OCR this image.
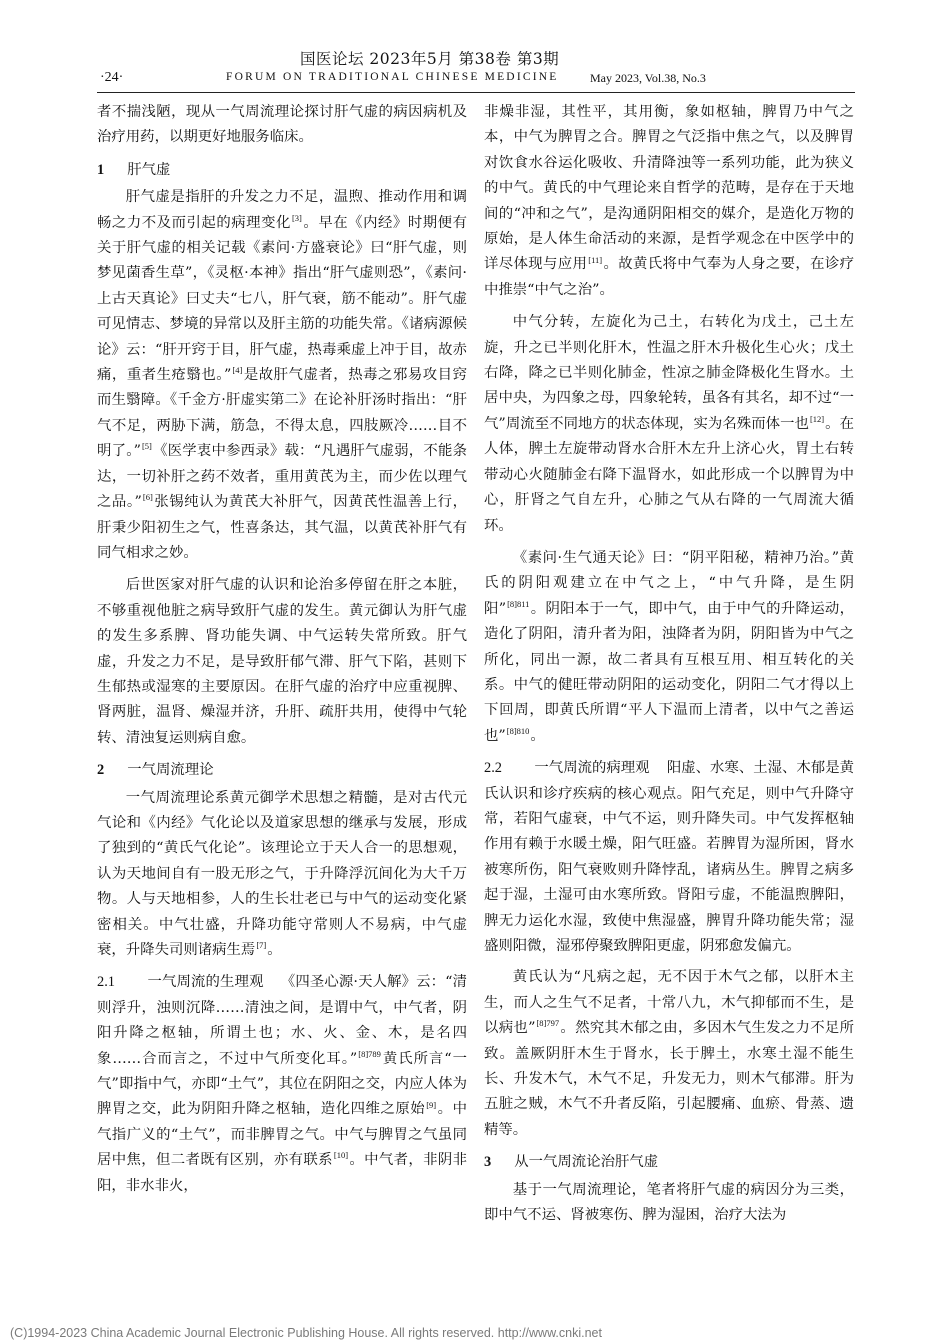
国医论坛 2023年5月 第38卷 第3期
·24·	FORUM ON TRADITIONAL CHINESE MEDICINE	May 2023, Vol.38, No.3

者不揣浅陋，现从一气周流理论探讨肝气虚的病因病机及治疗用药，以期更好地服务临床。

1 肝气虚

肝气虚是指肝的升发之力不足，温煦、推动作用和调畅之力不及而引起的病理变化[3]。早在《内经》时期便有关于肝气虚的相关记载《素问·方盛衰论》曰“肝气虚，则梦见菌香生草”，《灵枢·本神》指出“肝气虚则恐”，《素问·上古天真论》曰丈夫“七八，肝气衰，筋不能动”。肝气虚可见情志、梦境的异常以及肝主筋的功能失常。《诸病源候论》云：“肝开窍于目，肝气虚，热毒乘虚上冲于目，故赤痛，重者生疮翳也。”[4]是故肝气虚者，热毒之邪易攻目窍而生翳障。《千金方·肝虚实第二》在论补肝汤时指出：“肝气不足，两胁下满，筋急，不得太息，四肢厥冷……目不明了。”[5]《医学衷中参西录》载：“凡遇肝气虚弱，不能条达，一切补肝之药不效者，重用黄芪为主，而少佐以理气之品。”[6]张锡纯认为黄芪大补肝气，因黄芪性温善上行，肝秉少阳初生之气，性喜条达，其气温，以黄芪补肝气有同气相求之妙。

后世医家对肝气虚的认识和论治多停留在肝之本脏，不够重视他脏之病导致肝气虚的发生。黄元御认为肝气虚的发生多系脾、肾功能失调、中气运转失常所致。肝气虚，升发之力不足，是导致肝郁气滞、肝气下陷，甚则下生郁热或湿寒的主要原因。在肝气虚的治疗中应重视脾、肾两脏，温肾、燥湿并济，升肝、疏肝共用，使得中气轮转、清浊复运则病自愈。

2 一气周流理论

一气周流理论系黄元御学术思想之精髓，是对古代元气论和《内经》气化论以及道家思想的继承与发展，形成了独到的“黄氏气化论”。该理论立于天人合一的思想观，认为天地间自有一股无形之气，于升降浮沉间化为大千万物。人与天地相参，人的生长壮老已与中气的运动变化紧密相关。中气壮盛，升降功能守常则人不易病，中气虚衰，升降失司则诸病生焉[7]。

2.1 一气周流的生理观 《四圣心源·天人解》云：“清则浮升，浊则沉降……清浊之间，是谓中气，中气者，阴阳升降之枢轴，所谓土也；水、火、金、木，是名四象……合而言之，不过中气所变化耳。”$^{[8]789}$黄氏所言“一气”即指中气，亦即“土气”，其位在阴阳之交，内应人体为脾胃之交，此为阴阳升降之枢轴，造化四维之原始[9]。中气指广义的“土气”，而非脾胃之气。中气与脾胃之气虽同居中焦，但二者既有区别，亦有联系[10]。中气者，非阴非阳，非水非火，

非燥非湿，其性平，其用衡，象如枢轴，脾胃乃中气之本，中气为脾胃之合。脾胃之气泛指中焦之气，以及脾胃对饮食水谷运化吸收、升清降浊等一系列功能，此为狭义的中气。黄氏的中气理论来自哲学的范畴，是存在于天地间的“冲和之气”，是沟通阴阳相交的媒介，是造化万物的原始，是人体生命活动的来源，是哲学观念在中医学中的详尽体现与应用[11]。故黄氏将中气奉为人身之要，在诊疗中推崇“中气之治”。

中气分转，左旋化为己土，右转化为戊土，己土左旋，升之已半则化肝木，性温之肝木升极化生心火；戊土右降，降之已半则化肺金，性凉之肺金降极化生肾水。土居中央，为四象之母，四象轮转，虽各有其名，却不过“一气”周流至不同地方的状态体现，实为名殊而体一也[12]。在人体，脾土左旋带动肾水合肝木左升上济心火，胃土右转带动心火随肺金右降下温肾水，如此形成一个以脾胃为中心，肝肾之气自左升，心肺之气从右降的一气周流大循环。

《素问·生气通天论》曰：“阴平阳秘，精神乃治。”黄氏的阴阳观建立在中气之上，“中气升降，是生阴阳”$^{[8]811}$。阴阳本于一气，即中气，由于中气的升降运动，造化了阴阳，清升者为阳，浊降者为阴，阴阳皆为中气之所化，同出一源，故二者具有互根互用、相互转化的关系。中气的健旺带动阴阳的运动变化，阴阳二气才得以上下回周，即黄氏所谓“平人下温而上清者，以中气之善运也”$^{[8]810}$。

2.2 一气周流的病理观 阳虚、水寒、土湿、木郁是黄氏认识和诊疗疾病的核心观点。阳气充足，则中气升降守常，若阳气虚衰，中气不运，则升降失司。中气发挥枢轴作用有赖于水暖土燥，阳气旺盛。若脾胃为湿所困，肾水被寒所伤，阳气衰败则升降悖乱，诸病丛生。脾胃之病多起于湿，土湿可由水寒所致。肾阳亏虚，不能温煦脾阳，脾无力运化水湿，致使中焦湿盛，脾胃升降功能失常；湿盛则阳微，湿邪停聚致脾阳更虚，阴邪愈发偏亢。

黄氏认为“凡病之起，无不因于木气之郁，以肝木主生，而人之生气不足者，十常八九，木气抑郁而不生，是以病也”$^{[8]797}$。然究其木郁之由，多因木气生发之力不足所致。盖厥阴肝木生于肾水，长于脾土，水寒土湿不能生长、升发木气，木气不足，升发无力，则木气郁滞。肝为五脏之贼，木气不升者反陷，引起腰痛、血瘀、骨蒸、遗精等。

3 从一气周流论治肝气虚

基于一气周流理论，笔者将肝气虚的病因分为三类，即中气不运、肾被寒伤、脾为湿困，治疗大法为

(C)1994-2023 China Academic Journal Electronic Publishing House. All rights reserved. http://www.cnki.net
